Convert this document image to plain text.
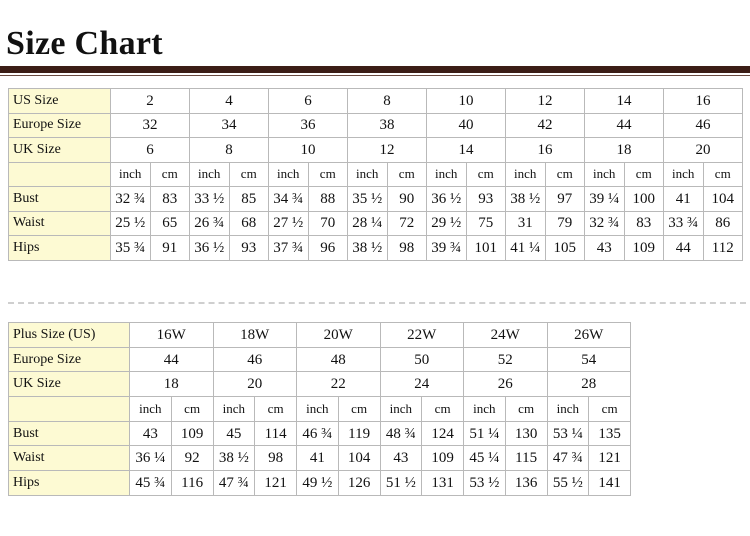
Size Chart
US Size	2		4		6		8		10		12		14		16	
Europe Size	32		34		36		38		40		42		44		46	
UK Size	6		8		10		12		14		16		18		20	
	inch	cm	inch	cm	inch	cm	inch	cm	inch	cm	inch	cm	inch	cm	inch	cm
Bust	32 ¾	83	33 ½	85	34 ¾	88	35 ½	90	36 ½	93	38 ½	97	39 ¼	100	41	104
Waist	25 ½	65	26 ¾	68	27 ½	70	28 ¼	72	29 ½	75	31	79	32 ¾	83	33 ¾	86
Hips	35 ¾	91	36 ½	93	37 ¾	96	38 ½	98	39 ¾	101	41 ¼	105	43	109	44	112
Plus Size (US)	16W		18W		20W		22W		24W		26W	
Europe Size	44		46		48		50		52		54	
UK Size	18		20		22		24		26		28	
	inch	cm	inch	cm	inch	cm	inch	cm	inch	cm	inch	cm
Bust	43	109	45	114	46 ¾	119	48 ¾	124	51 ¼	130	53 ¼	135
Waist	36 ¼	92	38 ½	98	41	104	43	109	45 ¼	115	47 ¾	121
Hips	45 ¾	116	47 ¾	121	49 ½	126	51 ½	131	53 ½	136	55 ½	141
